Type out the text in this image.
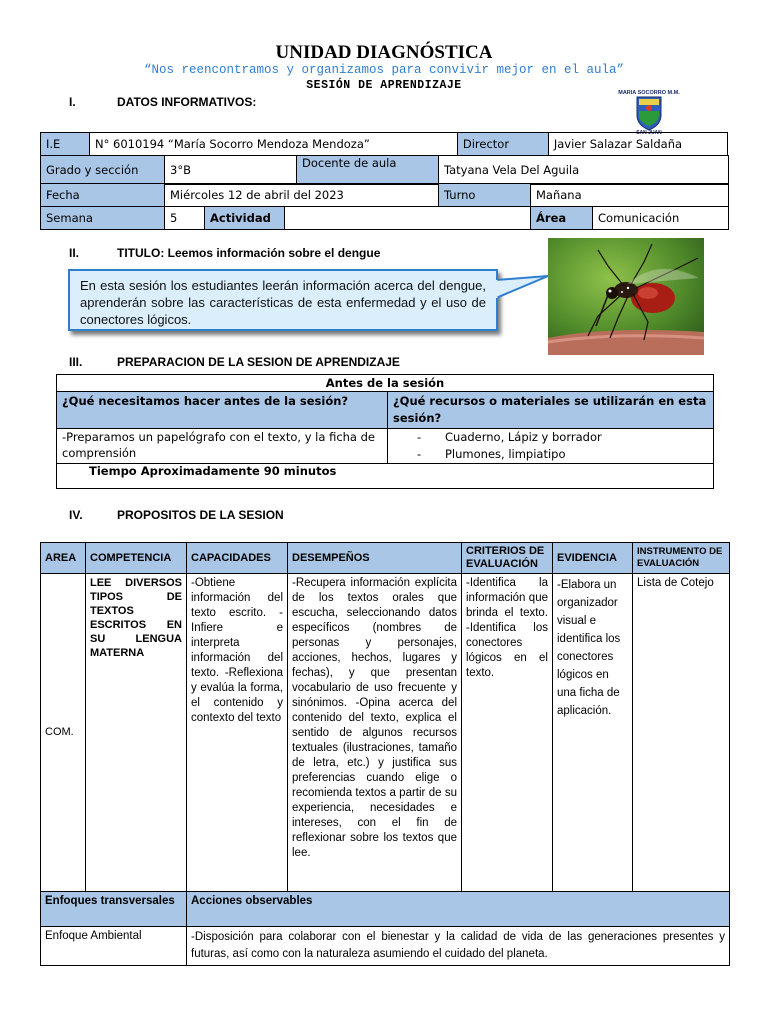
UNIDAD DIAGNÓSTICA
“Nos reencontramos y organizamos para convivir mejor en el aula”
SESIÓN DE APRENDIZAJE
MARIA SOCORRO M.M.
SAN JUAN
I.	DATOS INFORMATIVOS:
I.E	N° 6010194 “María Socorro Mendoza Mendoza”	Director	Javier Salazar Saldaña
Grado y sección	3°B	Docente de aula	Tatyana Vela Del Aguila
Fecha	Miércoles 12 de abril del 2023	Turno	Mañana
Semana	5	Actividad		Área	Comunicación
II.	TITULO: Leemos información sobre el dengue
En esta sesión los estudiantes leerán información acerca del dengue, aprenderán sobre las características de esta enfermedad y el uso de conectores lógicos.
III.	PREPARACION DE LA SESION DE APRENDIZAJE
Antes de la sesión	
¿Qué necesitamos hacer antes de la sesión?	¿Qué recursos o materiales se utilizarán en esta sesión?
-Preparamos un papelógrafo con el texto, y la ficha de comprensión	- Cuaderno, Lápiz y borrador
- Plumones, limpiatipo

Tiempo Aproximadamente 90 minutos	
IV.	PROPOSITOS DE LA SESION
AREA	COMPETENCIA	CAPACIDADES	DESEMPEÑOS	CRITERIOS DE EVALUACIÓN	EVIDENCIA	INSTRUMENTO DE EVALUACIÓN
COM.	LEE DIVERSOS TIPOS DE TEXTOS ESCRITOS EN SU LENGUA MATERNA	-Obtiene información del texto escrito. -Infiere e interpreta información del texto. -Reflexiona y evalúa la forma, el contenido y contexto del texto	-Recupera información explícita de los textos orales que escucha, seleccionando datos específicos (nombres de personas y personajes, acciones, hechos, lugares y fechas), y que presentan vocabulario de uso frecuente y sinónimos. -Opina acerca del contenido del texto, explica el sentido de algunos recursos textuales (ilustraciones, tamaño de letra, etc.) y justifica sus preferencias cuando elige o recomienda textos a partir de su experiencia, necesidades e intereses, con el fin de reflexionar sobre los textos que lee.	-Identifica la información que brinda el texto. -Identifica los conectores lógicos en el texto.	-Elabora un organizador visual e identifica los conectores lógicos en una ficha de aplicación.	Lista de Cotejo
Enfoques transversales		Acciones observables				
Enfoque Ambiental		-Disposición para colaborar con el bienestar y la calidad de vida de las generaciones presentes y futuras, así como con la naturaleza asumiendo el cuidado del planeta.				
